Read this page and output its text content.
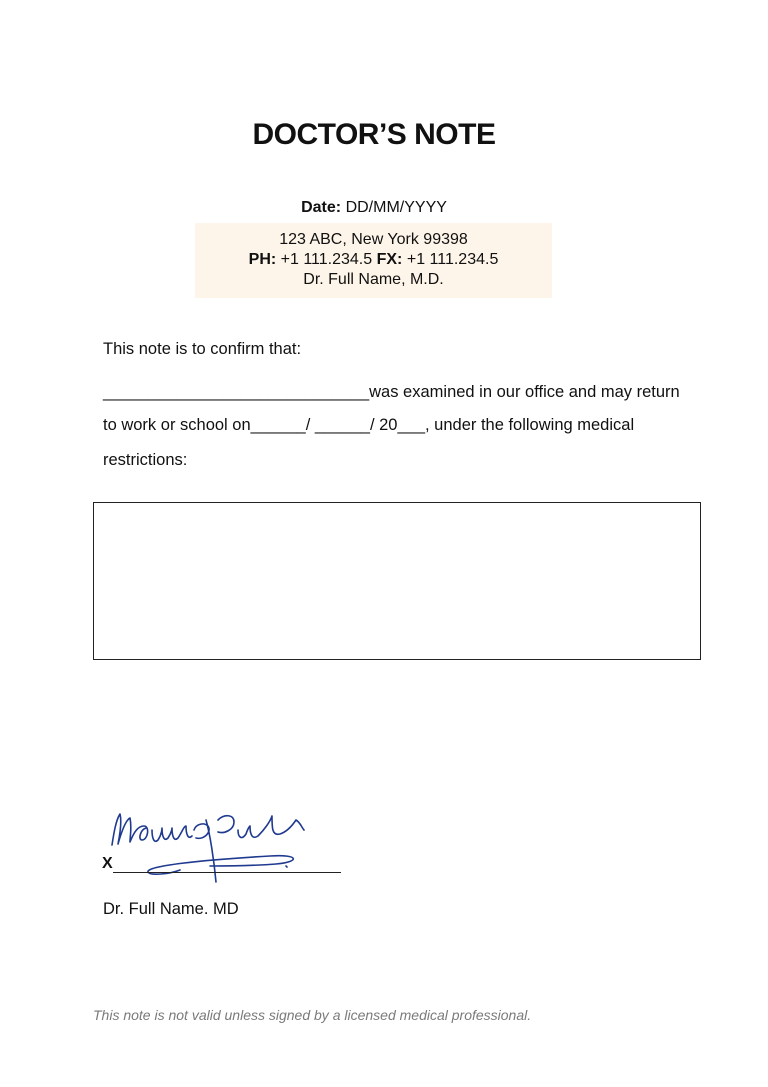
DOCTOR’S NOTE
Date: DD/MM/YYYY
123 ABC, New York 99398
PH: +1 111.234.5 FX: +1 111.234.5
Dr. Full Name, M.D.
This note is to confirm that:
_____________________________was examined in our office and may return
to work or school on______/ ______/ 20___, under the following medical
restrictions:
X
Dr. Full Name. MD
This note is not valid unless signed by a licensed medical professional.
